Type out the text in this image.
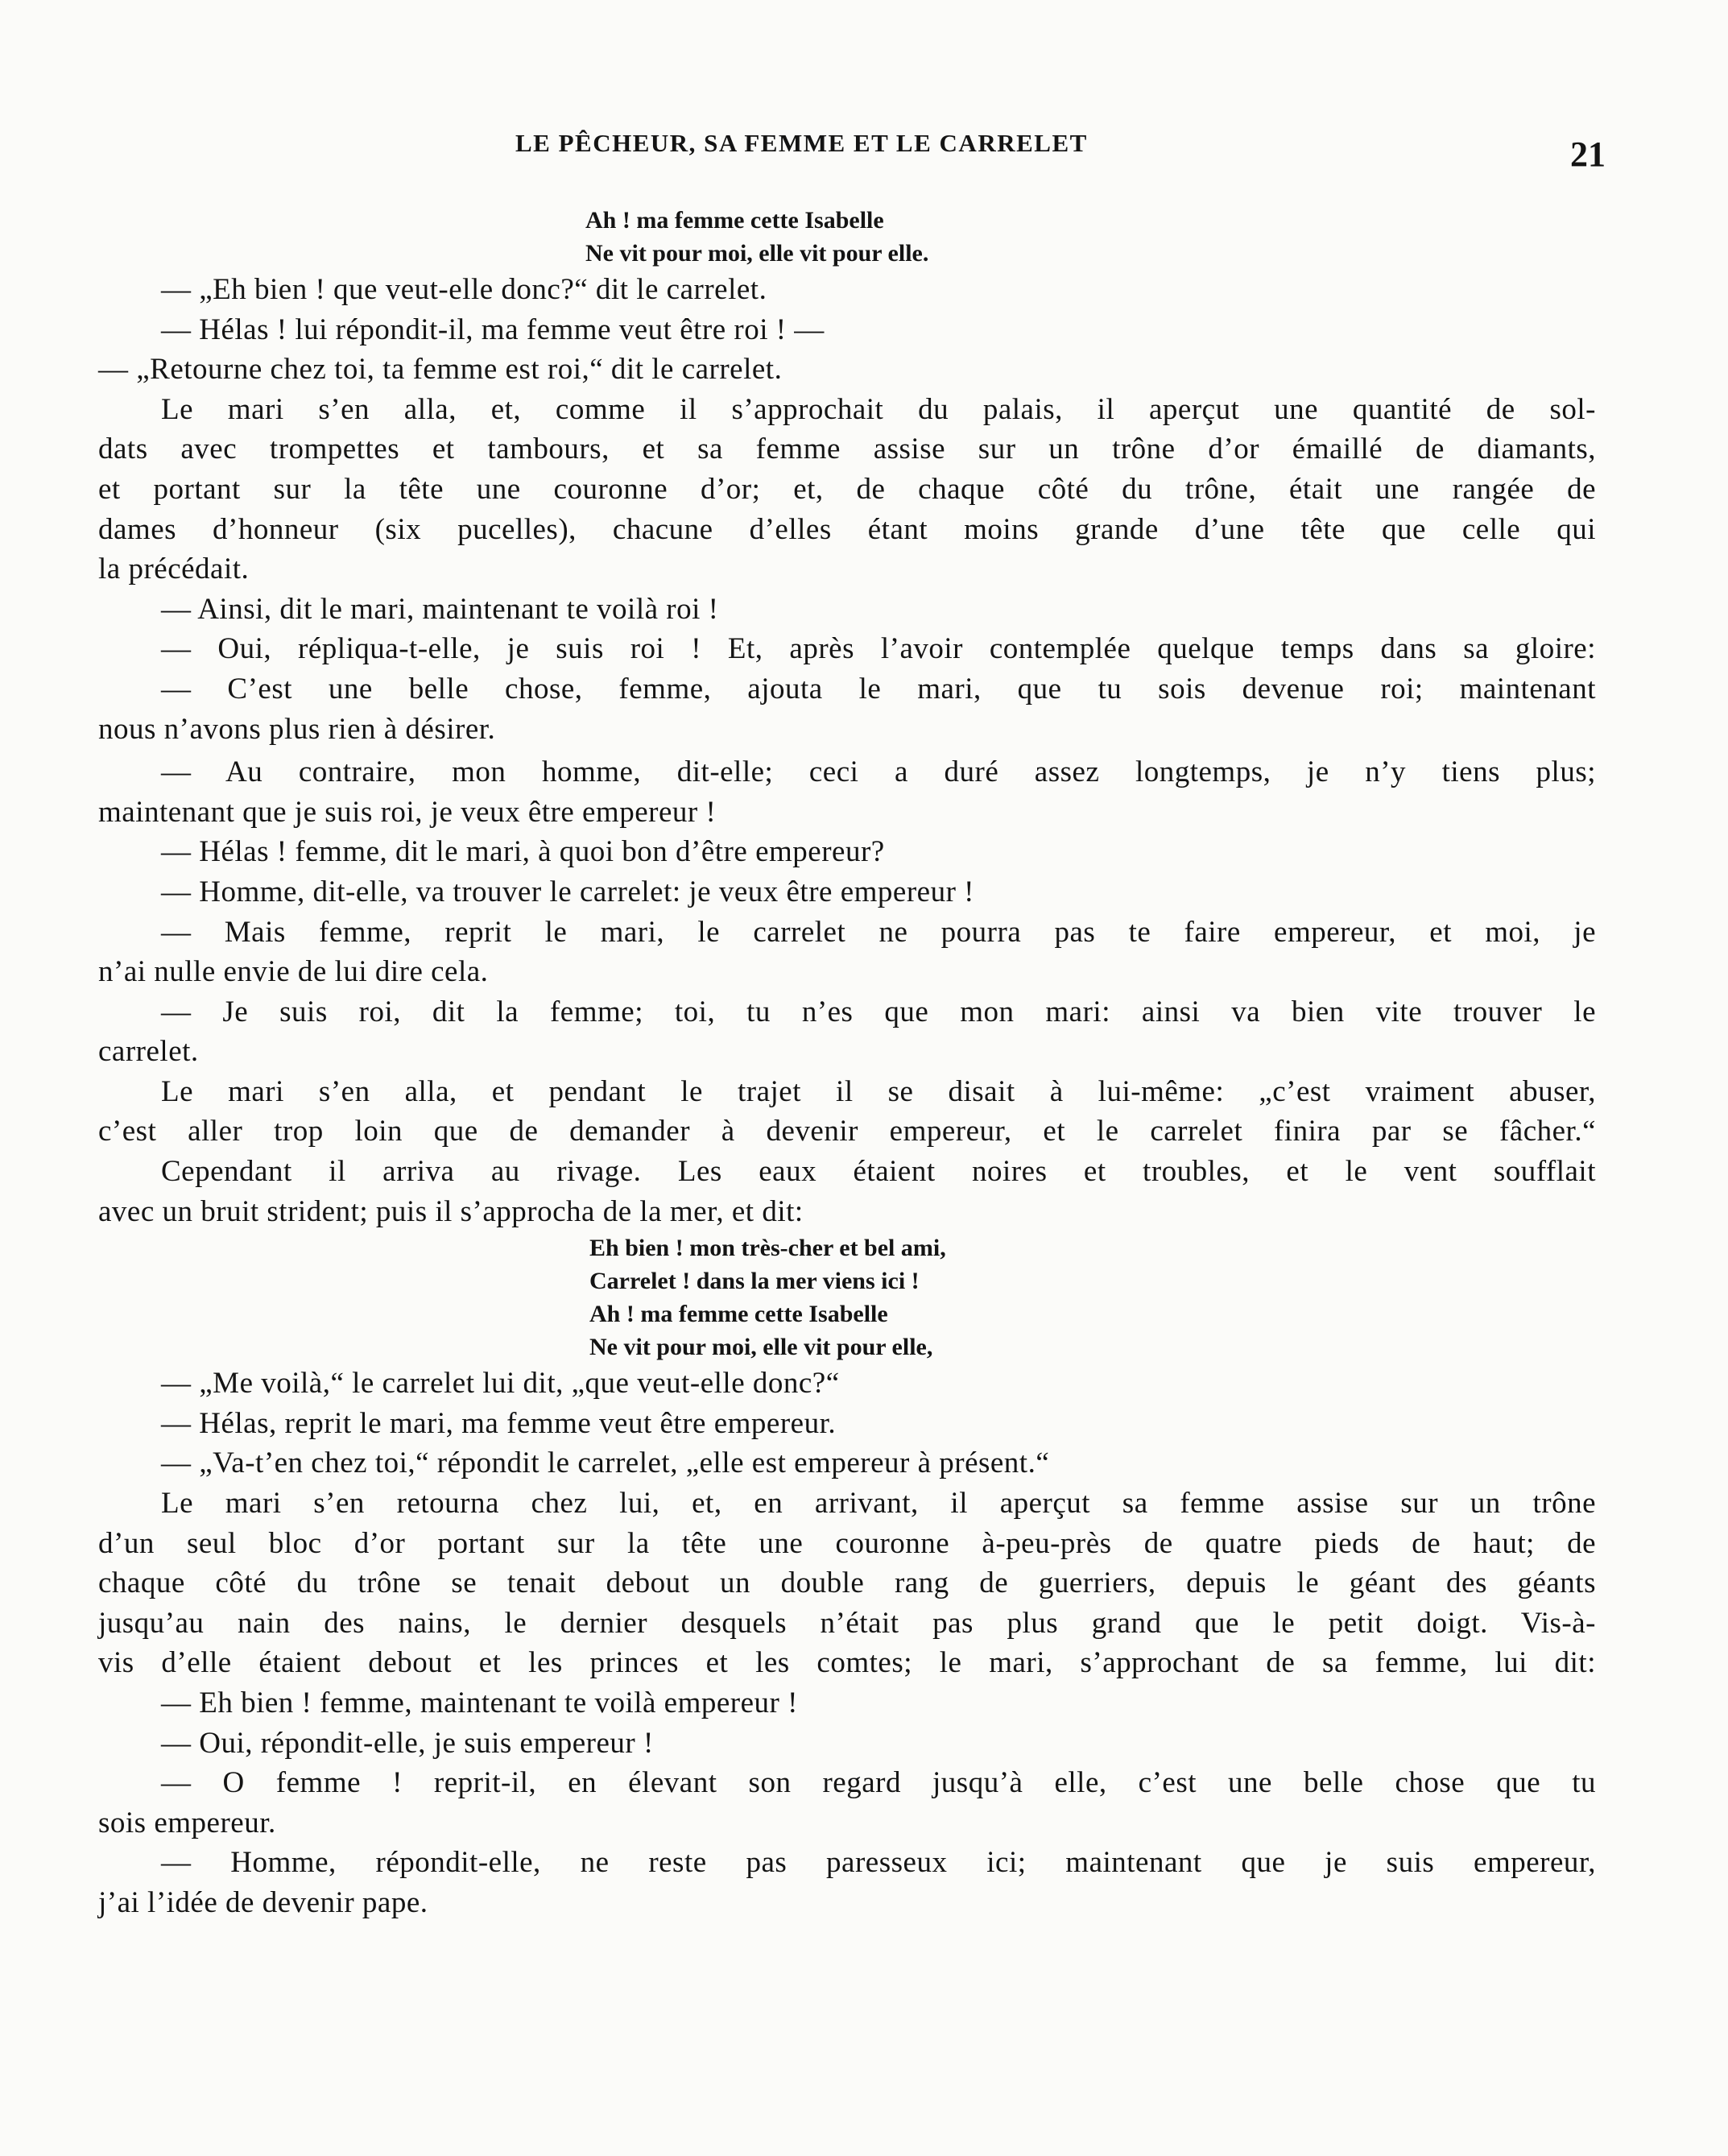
LE PÊCHEUR, SA FEMME ET LE CARRELET	21
Ah ! ma femme cette Isabelle
Ne vit pour moi, elle vit pour elle.
— „Eh bien ! que veut-elle donc?“ dit le carrelet.
— Hélas ! lui répondit-il, ma femme veut être roi ! —
— „Retourne chez toi, ta femme est roi,“ dit le carrelet.
Le mari s’en alla, et, comme il s’approchait du palais, il aperçut une quantité de sol-
dats avec trompettes et tambours, et sa femme assise sur un trône d’or émaillé de diamants,
et portant sur la tête une couronne d’or; et, de chaque côté du trône, était une rangée de
dames d’honneur (six pucelles), chacune d’elles étant moins grande d’une tête que celle qui
la précédait.
— Ainsi, dit le mari, maintenant te voilà roi !
— Oui, répliqua-t-elle, je suis roi ! Et, après l’avoir contemplée quelque temps dans sa gloire:
— C’est une belle chose, femme, ajouta le mari, que tu sois devenue roi; maintenant
nous n’avons plus rien à désirer.
— Au contraire, mon homme, dit-elle; ceci a duré assez longtemps, je n’y tiens plus;
maintenant que je suis roi, je veux être empereur !
— Hélas ! femme, dit le mari, à quoi bon d’être empereur?
— Homme, dit-elle, va trouver le carrelet: je veux être empereur !
— Mais femme, reprit le mari, le carrelet ne pourra pas te faire empereur, et moi, je
n’ai nulle envie de lui dire cela.
— Je suis roi, dit la femme; toi, tu n’es que mon mari: ainsi va bien vite trouver le
carrelet.
Le mari s’en alla, et pendant le trajet il se disait à lui-même: „c’est vraiment abuser,
c’est aller trop loin que de demander à devenir empereur, et le carrelet finira par se fâcher.“
Cependant il arriva au rivage. Les eaux étaient noires et troubles, et le vent soufflait
avec un bruit strident; puis il s’approcha de la mer, et dit:
Eh bien ! mon très-cher et bel ami,
Carrelet ! dans la mer viens ici !
Ah ! ma femme cette Isabelle
Ne vit pour moi, elle vit pour elle,
— „Me voilà,“ le carrelet lui dit, „que veut-elle donc?“
— Hélas, reprit le mari, ma femme veut être empereur.
— „Va-t’en chez toi,“ répondit le carrelet, „elle est empereur à présent.“
Le mari s’en retourna chez lui, et, en arrivant, il aperçut sa femme assise sur un trône
d’un seul bloc d’or portant sur la tête une couronne à-peu-près de quatre pieds de haut; de
chaque côté du trône se tenait debout un double rang de guerriers, depuis le géant des géants
jusqu’au nain des nains, le dernier desquels n’était pas plus grand que le petit doigt. Vis-à-
vis d’elle étaient debout et les princes et les comtes; le mari, s’approchant de sa femme, lui dit:
— Eh bien ! femme, maintenant te voilà empereur !
— Oui, répondit-elle, je suis empereur !
— O femme ! reprit-il, en élevant son regard jusqu’à elle, c’est une belle chose que tu
sois empereur.
— Homme, répondit-elle, ne reste pas paresseux ici; maintenant que je suis empereur,
j’ai l’idée de devenir pape.
